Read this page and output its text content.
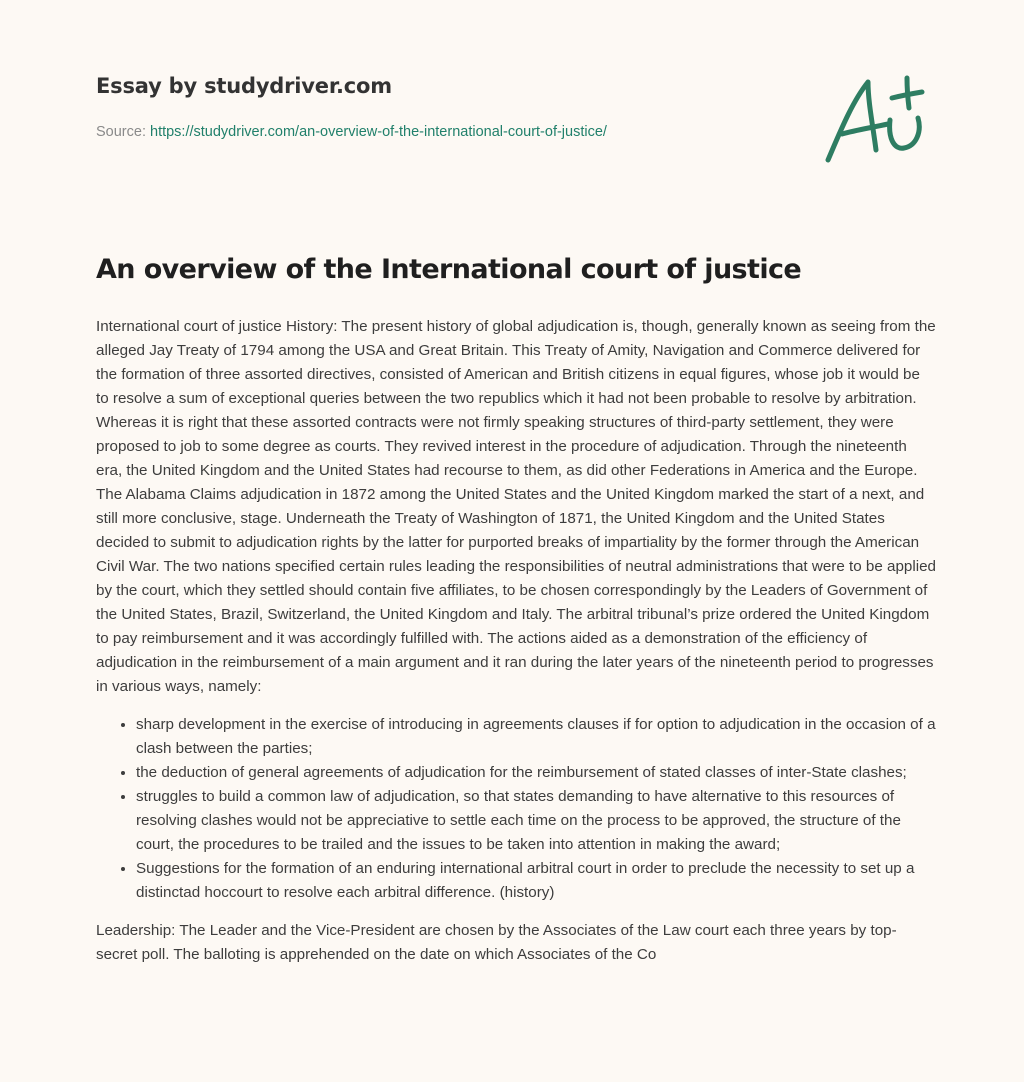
Essay by studydriver.com
Source: https://studydriver.com/an-overview-of-the-international-court-of-justice/
An overview of the International court of justice

International court of justice History: The present history of global adjudication is, though, generally known as seeing from the alleged Jay Treaty of 1794 among the USA and Great Britain. This Treaty of Amity, Navigation and Commerce delivered for the formation of three assorted directives, consisted of American and British citizens in equal figures, whose job it would be to resolve a sum of exceptional queries between the two republics which it had not been probable to resolve by arbitration. Whereas it is right that these assorted contracts were not firmly speaking structures of third-party settlement, they were proposed to job to some degree as courts. They revived interest in the procedure of adjudication. Through the nineteenth era, the United Kingdom and the United States had recourse to them, as did other Federations in America and the Europe. The Alabama Claims adjudication in 1872 among the United States and the United Kingdom marked the start of a next, and still more conclusive, stage. Underneath the Treaty of Washington of 1871, the United Kingdom and the United States decided to submit to adjudication rights by the latter for purported breaks of impartiality by the former through the American Civil War. The two nations specified certain rules leading the responsibilities of neutral administrations that were to be applied by the court, which they settled should contain five affiliates, to be chosen correspondingly by the Leaders of Government of the United States, Brazil, Switzerland, the United Kingdom and Italy. The arbitral tribunal’s prize ordered the United Kingdom to pay reimbursement and it was accordingly fulfilled with. The actions aided as a demonstration of the efficiency of adjudication in the reimbursement of a main argument and it ran during the later years of the nineteenth period to progresses in various ways, namely:

• sharp development in the exercise of introducing in agreements clauses if for option to adjudication in the occasion of a clash between the parties;
• the deduction of general agreements of adjudication for the reimbursement of stated classes of inter-State clashes;
• struggles to build a common law of adjudication, so that states demanding to have alternative to this resources of resolving clashes would not be appreciative to settle each time on the process to be approved, the structure of the court, the procedures to be trailed and the issues to be taken into attention in making the award;
• Suggestions for the formation of an enduring international arbitral court in order to preclude the necessity to set up a distinctad hoccourt to resolve each arbitral difference. (history)

Leadership: The Leader and the Vice-President are chosen by the Associates of the Law court each three years by top-secret poll. The balloting is apprehended on the date on which Associates of the Co
